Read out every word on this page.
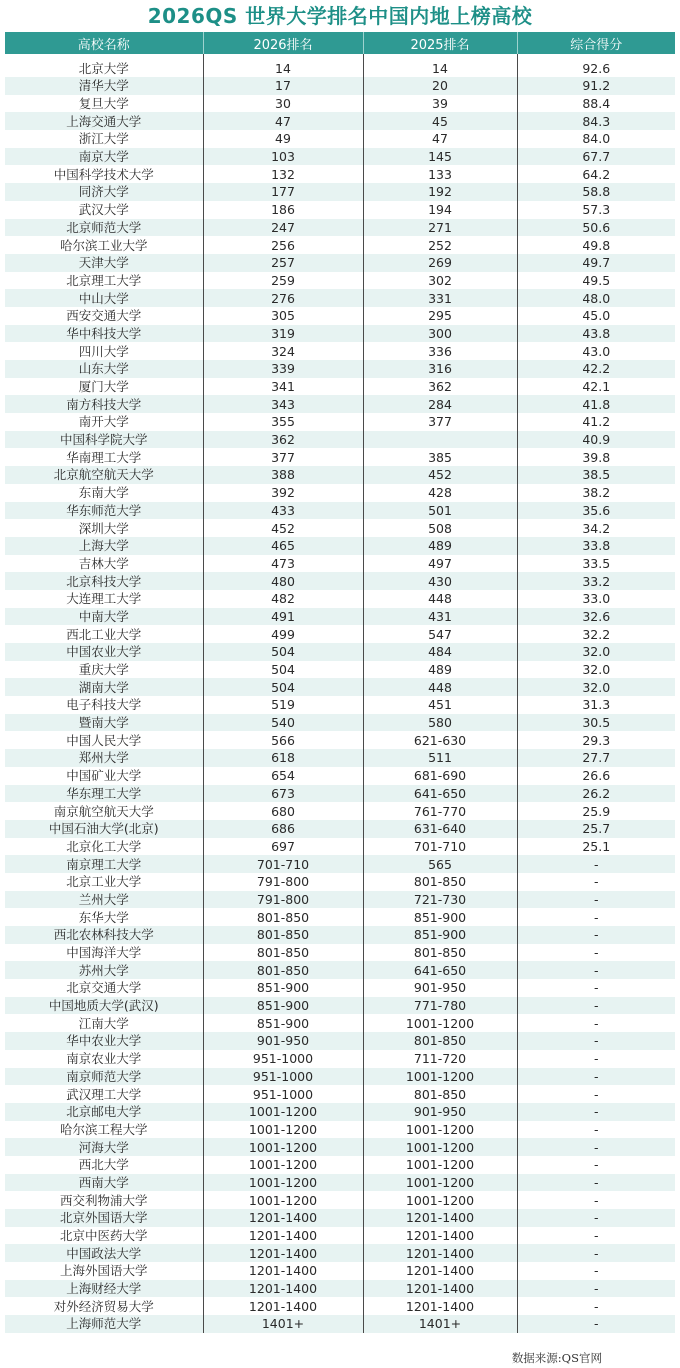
2026QS 世界大学排名中国内地上榜高校
高校名称	2026排名	2025排名	综合得分
北京大学	14	14	92.6
清华大学	17	20	91.2
复旦大学	30	39	88.4
上海交通大学	47	45	84.3
浙江大学	49	47	84.0
南京大学	103	145	67.7
中国科学技术大学	132	133	64.2
同济大学	177	192	58.8
武汉大学	186	194	57.3
北京师范大学	247	271	50.6
哈尔滨工业大学	256	252	49.8
天津大学	257	269	49.7
北京理工大学	259	302	49.5
中山大学	276	331	48.0
西安交通大学	305	295	45.0
华中科技大学	319	300	43.8
四川大学	324	336	43.0
山东大学	339	316	42.2
厦门大学	341	362	42.1
南方科技大学	343	284	41.8
南开大学	355	377	41.2
中国科学院大学	362		40.9
华南理工大学	377	385	39.8
北京航空航天大学	388	452	38.5
东南大学	392	428	38.2
华东师范大学	433	501	35.6
深圳大学	452	508	34.2
上海大学	465	489	33.8
吉林大学	473	497	33.5
北京科技大学	480	430	33.2
大连理工大学	482	448	33.0
中南大学	491	431	32.6
西北工业大学	499	547	32.2
中国农业大学	504	484	32.0
重庆大学	504	489	32.0
湖南大学	504	448	32.0
电子科技大学	519	451	31.3
暨南大学	540	580	30.5
中国人民大学	566	621-630	29.3
郑州大学	618	511	27.7
中国矿业大学	654	681-690	26.6
华东理工大学	673	641-650	26.2
南京航空航天大学	680	761-770	25.9
中国石油大学(北京)	686	631-640	25.7
北京化工大学	697	701-710	25.1
南京理工大学	701-710	565	-
北京工业大学	791-800	801-850	-
兰州大学	791-800	721-730	-
东华大学	801-850	851-900	-
西北农林科技大学	801-850	851-900	-
中国海洋大学	801-850	801-850	-
苏州大学	801-850	641-650	-
北京交通大学	851-900	901-950	-
中国地质大学(武汉)	851-900	771-780	-
江南大学	851-900	1001-1200	-
华中农业大学	901-950	801-850	-
南京农业大学	951-1000	711-720	-
南京师范大学	951-1000	1001-1200	-
武汉理工大学	951-1000	801-850	-
北京邮电大学	1001-1200	901-950	-
哈尔滨工程大学	1001-1200	1001-1200	-
河海大学	1001-1200	1001-1200	-
西北大学	1001-1200	1001-1200	-
西南大学	1001-1200	1001-1200	-
西交利物浦大学	1001-1200	1001-1200	-
北京外国语大学	1201-1400	1201-1400	-
北京中医药大学	1201-1400	1201-1400	-
中国政法大学	1201-1400	1201-1400	-
上海外国语大学	1201-1400	1201-1400	-
上海财经大学	1201-1400	1201-1400	-
对外经济贸易大学	1201-1400	1201-1400	-
上海师范大学	1401+	1401+	-
数据来源:QS官网
